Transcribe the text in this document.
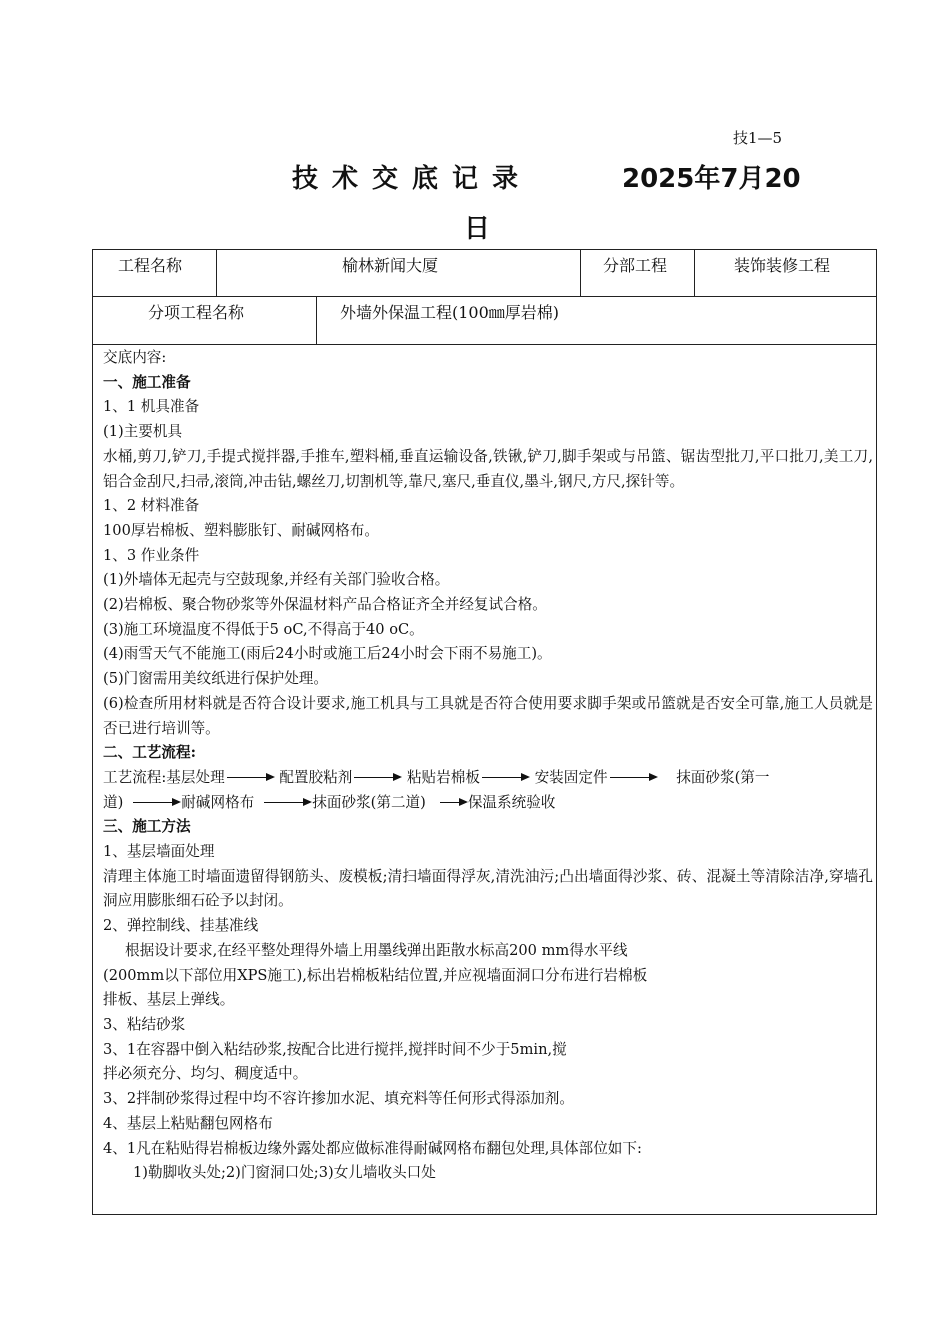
技1—5
技术交底记录	2025年7月20
日
工程名称	榆林新闻大厦	分部工程	装饰装修工程
分项工程名称	外墙外保温工程(100㎜厚岩棉)

交底内容:

一、施工准备

1、1 机具准备

(1)主要机具

水桶,剪刀,铲刀,手提式搅拌器,手推车,塑料桶,垂直运输设备,铁锹,铲刀,脚手架或与吊篮、锯齿型批刀,平口批刀,美工刀,铝合金刮尺,扫帚,滚筒,冲击钻,螺丝刀,切割机等,靠尺,塞尺,垂直仪,墨斗,钢尺,方尺,探针等。

1、2 材料准备

100厚岩棉板、塑料膨胀钉、耐碱网格布。

1、3 作业条件

(1)外墙体无起壳与空鼓现象,并经有关部门验收合格。

(2)岩棉板、聚合物砂浆等外保温材料产品合格证齐全并经复试合格。

(3)施工环境温度不得低于5 oC,不得高于40 oC。

(4)雨雪天气不能施工(雨后24小时或施工后24小时会下雨不易施工)。

(5)门窗需用美纹纸进行保护处理。

(6)检查所用材料就是否符合设计要求,施工机具与工具就是否符合使用要求脚手架或吊篮就是否安全可靠,施工人员就是否已进行培训等。

二、工艺流程:

工艺流程:基层处理	配置胶粘剂	粘贴岩棉板	安装固定件	抹面砂浆(第一

道)	耐碱网格布	抹面砂浆(第二道)	保温系统验收

三、施工方法

1、基层墙面处理

清理主体施工时墙面遗留得钢筋头、废模板;清扫墙面得浮灰,清洗油污;凸出墙面得沙浆、砖、混凝土等清除洁净,穿墙孔洞应用膨胀细石砼予以封闭。

2、弹控制线、挂基准线

根据设计要求,在经平整处理得外墙上用墨线弹出距散水标高200 mm得水平线

(200mm以下部位用XPS施工),标出岩棉板粘结位置,并应视墙面洞口分布进行岩棉板

排板、基层上弹线。

3、粘结砂浆

3、1在容器中倒入粘结砂浆,按配合比进行搅拌,搅拌时间不少于5min,搅

拌必须充分、均匀、稠度适中。

3、2拌制砂浆得过程中均不容许掺加水泥、填充料等任何形式得添加剂。

4、基层上粘贴翻包网格布

4、1凡在粘贴得岩棉板边缘外露处都应做标准得耐碱网格布翻包处理,具体部位如下:

1)勒脚收头处;2)门窗洞口处;3)女儿墙收头口处
